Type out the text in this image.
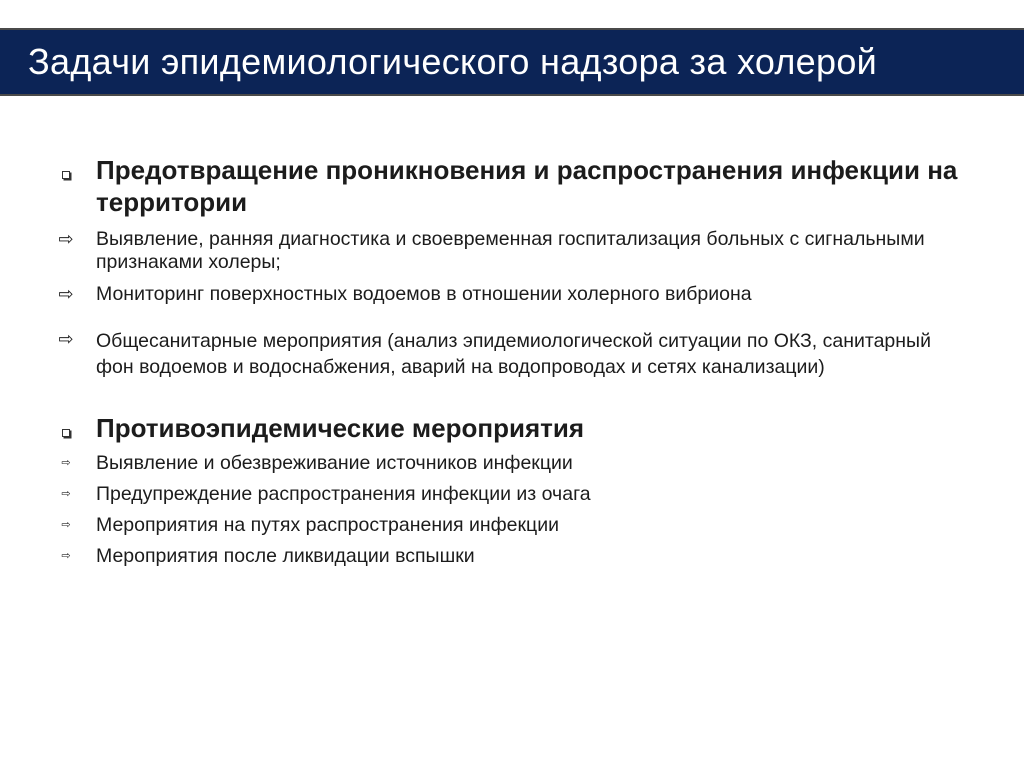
Задачи эпидемиологического надзора за холерой
Предотвращение проникновения и распространения инфекции на территории
⇨ Выявление, ранняя диагностика и своевременная госпитализация больных с сигнальными признаками холеры;
⇨ Мониторинг поверхностных водоемов в отношении холерного вибриона
⇨ Общесанитарные мероприятия (анализ эпидемиологической ситуации по ОКЗ, санитарный фон водоемов и водоснабжения, аварий на водопроводах и сетях канализации)
Противоэпидемические мероприятия
⇨	Выявление и обезвреживание источников инфекции
⇨	Предупреждение распространения инфекции из очага
⇨	Мероприятия на путях распространения инфекции
⇨	Мероприятия после ликвидации вспышки
